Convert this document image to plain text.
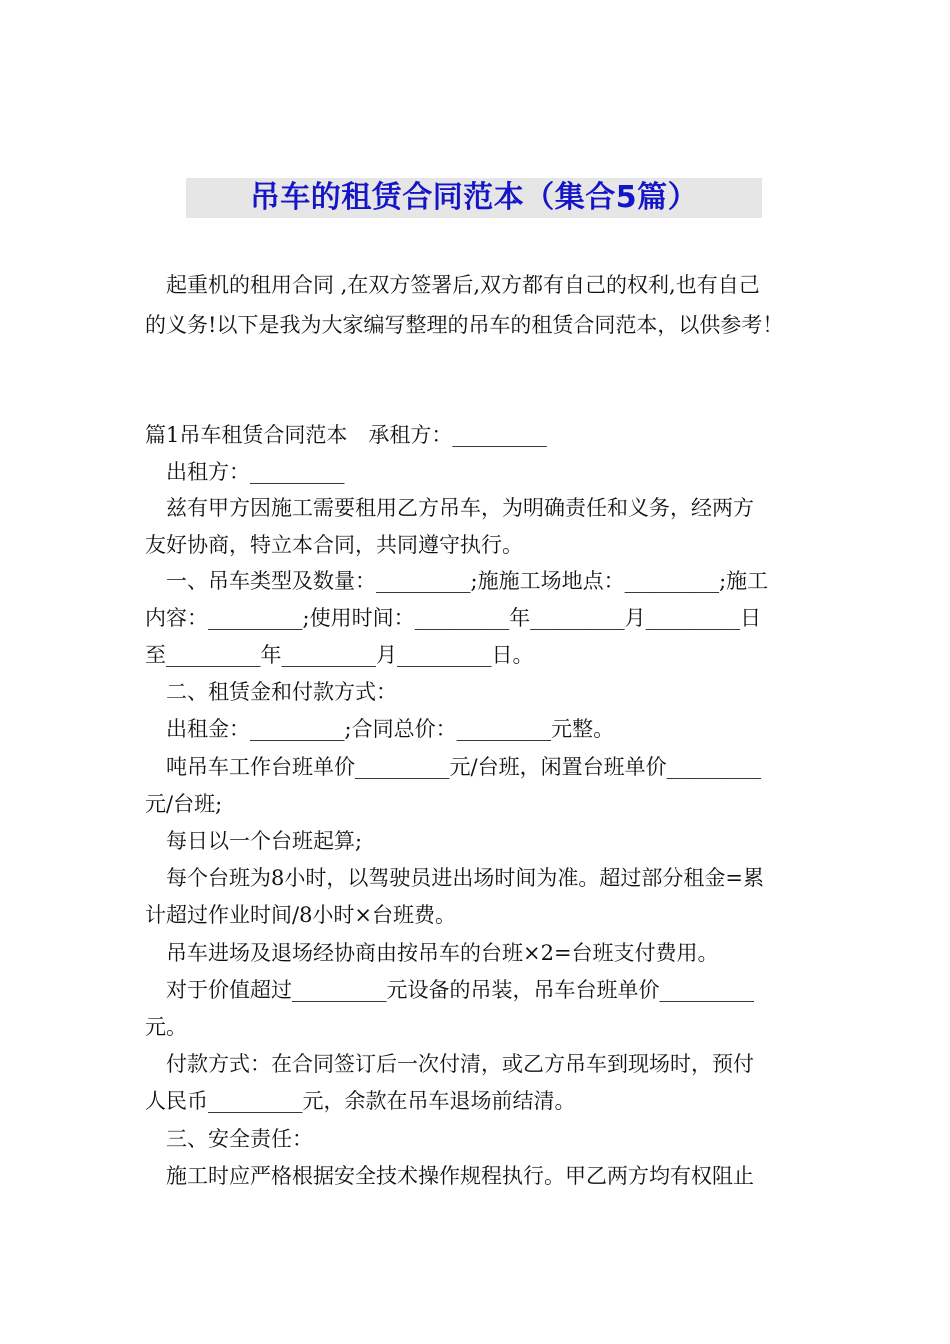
吊车的租赁合同范本（集合5篇）
　起重机的租用合同 ,在双方签署后,双方都有自己的权利,也有自己
的义务!以下是我为大家编写整理的吊车的租赁合同范本，以供参考！
篇1吊车租赁合同范本　承租方：_________
　出租方：_________
　兹有甲方因施工需要租用乙方吊车，为明确责任和义务，经两方
友好协商，特立本合同，共同遵守执行。
　一、吊车类型及数量：_________;施施工场地点：_________;施工
内容：_________;使用时间：_________年_________月_________日
至_________年_________月_________日。
　二、租赁金和付款方式：
　出租金：_________;合同总价：_________元整。
　吨吊车工作台班单价_________元/台班，闲置台班单价_________
元/台班;
　每日以一个台班起算;
　每个台班为8小时，以驾驶员进出场时间为准。超过部分租金=累
计超过作业时间/8小时×台班费。
　吊车进场及退场经协商由按吊车的台班×2=台班支付费用。
　对于价值超过_________元设备的吊装，吊车台班单价_________
元。
　付款方式：在合同签订后一次付清，或乙方吊车到现场时，预付
人民币_________元，余款在吊车退场前结清。
　三、安全责任：
　施工时应严格根据安全技术操作规程执行。甲乙两方均有权阻止
